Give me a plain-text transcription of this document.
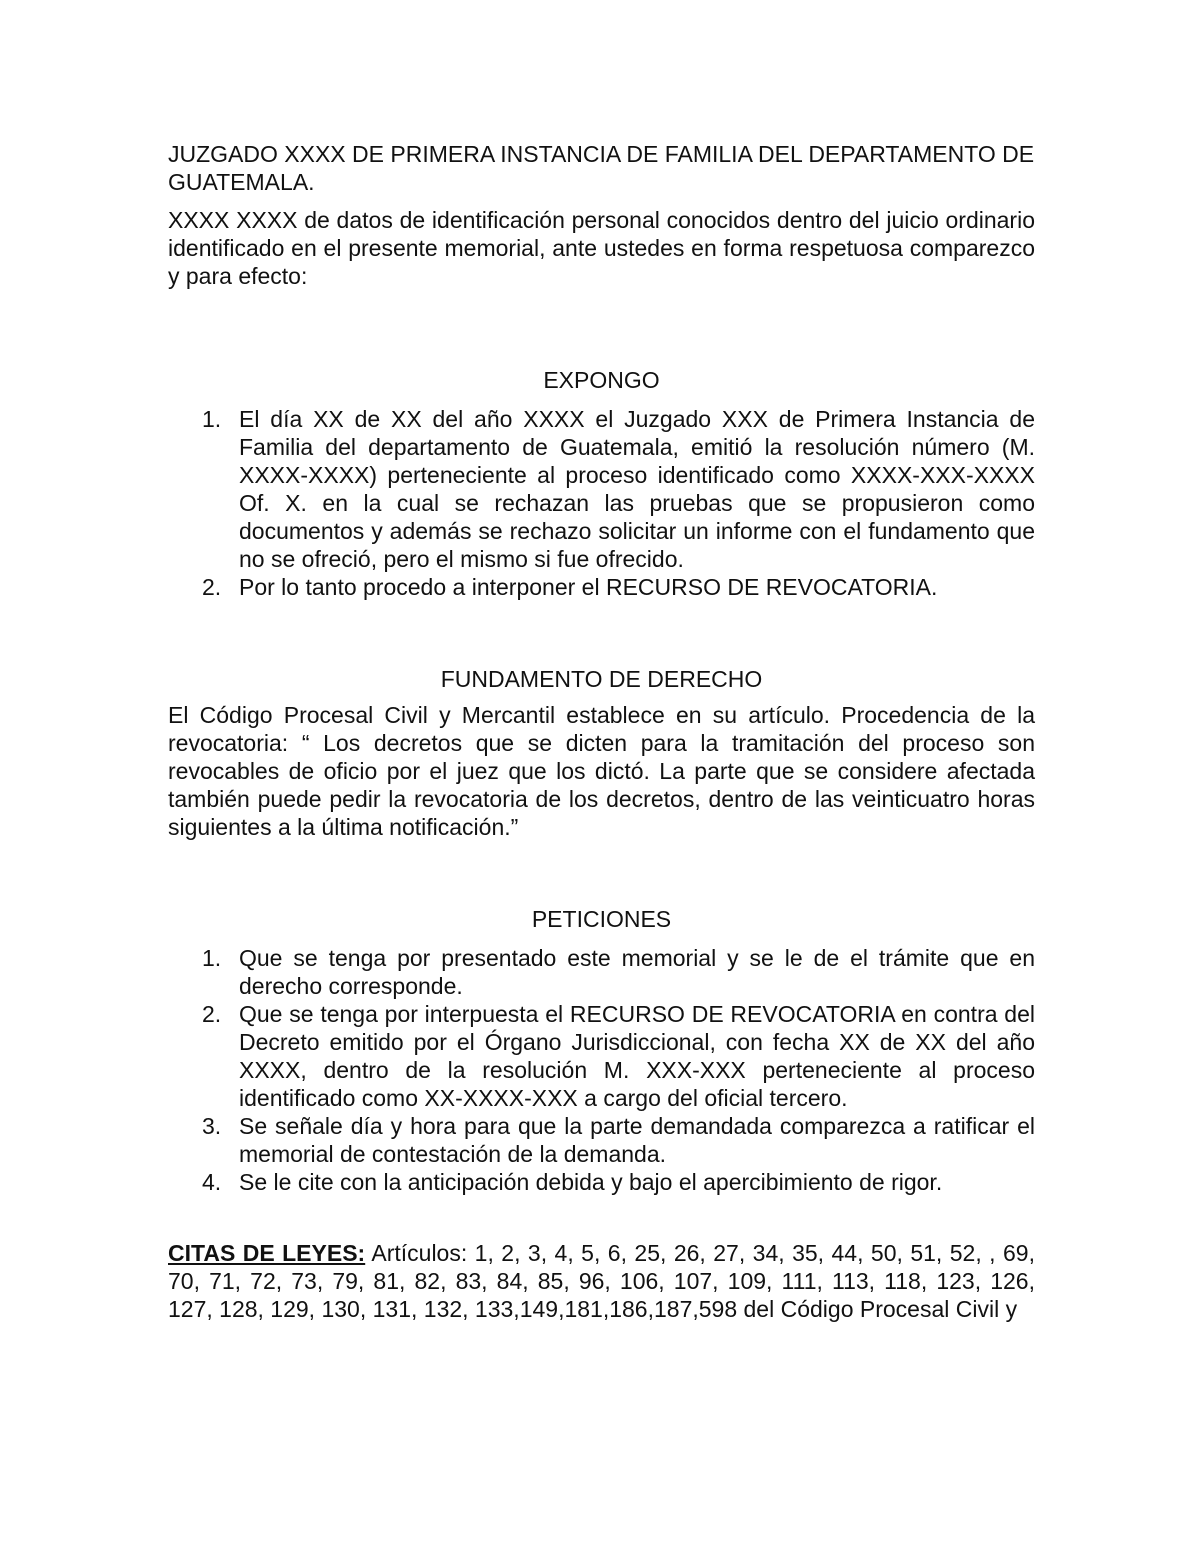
JUZGADO XXXX DE PRIMERA INSTANCIA DE FAMILIA DEL DEPARTAMENTO DE GUATEMALA.

XXXX XXXX de datos de identificación personal conocidos dentro del juicio ordinario identificado en el presente memorial, ante ustedes en forma respetuosa comparezco y para efecto:

EXPONGO

1. El día XX de XX del año XXXX el Juzgado XXX de Primera Instancia de Familia del departamento de Guatemala, emitió la resolución número (M. XXXX-XXXX) perteneciente al proceso identificado como XXXX-XXX-XXXX Of. X. en la cual se rechazan las pruebas que se propusieron como documentos y además se rechazo solicitar un informe con el fundamento que no se ofreció, pero el mismo si fue ofrecido.
2. Por lo tanto procedo a interponer el RECURSO DE REVOCATORIA.

FUNDAMENTO DE DERECHO

El Código Procesal Civil y Mercantil establece en su artículo. Procedencia de la revocatoria: “ Los decretos que se dicten para la tramitación del proceso son revocables de oficio por el juez que los dictó. La parte que se considere afectada también puede pedir la revocatoria de los decretos, dentro de las veinticuatro horas siguientes a la última notificación.”

PETICIONES

1. Que se tenga por presentado este memorial y se le de el trámite que en derecho corresponde.
2. Que se tenga por interpuesta el RECURSO DE REVOCATORIA en contra del Decreto emitido por el Órgano Jurisdiccional, con fecha XX de XX del año XXXX, dentro de la resolución M. XXX-XXX perteneciente al proceso identificado como XX-XXXX-XXX a cargo del oficial tercero.
3. Se señale día y hora para que la parte demandada comparezca a ratificar el memorial de contestación de la demanda.
4. Se le cite con la anticipación debida y bajo el apercibimiento de rigor.

CITAS DE LEYES: Artículos: 1, 2, 3, 4, 5, 6, 25, 26, 27, 34, 35, 44, 50, 51, 52, , 69, 70, 71, 72, 73, 79, 81, 82, 83, 84, 85, 96, 106, 107, 109, 111, 113, 118, 123, 126, 127, 128, 129, 130, 131, 132, 133,149,181,186,187,598 del Código Procesal Civil y
